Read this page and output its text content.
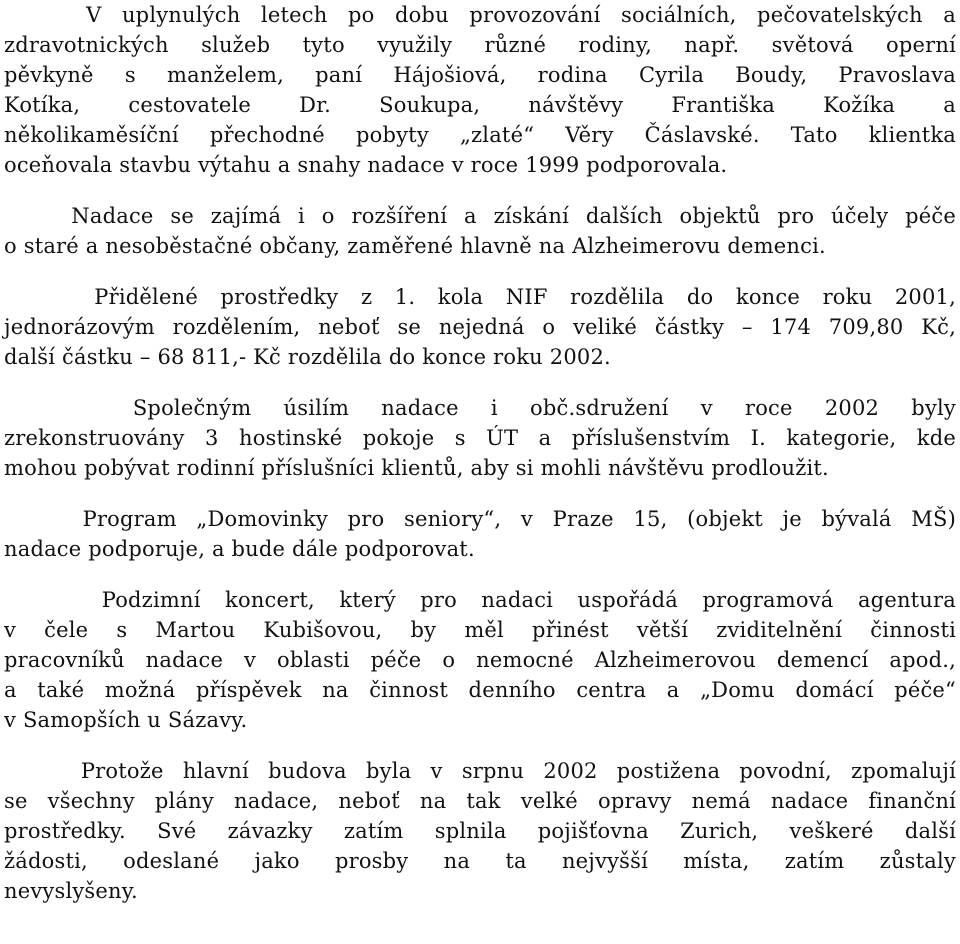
V uplynulých letech po dobu provozování sociálních, pečovatelských a
zdravotnických služeb tyto využily různé rodiny, např. světová operní
pěvkyně s manželem, paní Hájošiová, rodina Cyrila Boudy, Pravoslava
Kotíka, cestovatele Dr. Soukupa, návštěvy Františka Kožíka a
několikaměsíční přechodné pobyty „zlaté“ Věry Čáslavské. Tato klientka
oceňovala stavbu výtahu a snahy nadace v roce 1999 podporovala.
Nadace se zajímá i o rozšíření a získání dalších objektů pro účely péče
o staré a nesoběstačné občany, zaměřené hlavně na Alzheimerovu demenci.
Přidělené prostředky z 1. kola NIF rozdělila do konce roku 2001,
jednorázovým rozdělením, neboť se nejedná o veliké částky – 174 709,80 Kč,
další částku – 68 811,- Kč rozdělila do konce roku 2002.
Společným úsilím nadace i obč.sdružení v roce 2002 byly
zrekonstruovány 3 hostinské pokoje s ÚT a příslušenstvím I. kategorie, kde
mohou pobývat rodinní příslušníci klientů, aby si mohli návštěvu prodloužit.
Program „Domovinky pro seniory“, v Praze 15, (objekt je bývalá MŠ)
nadace podporuje, a bude dále podporovat.
Podzimní koncert, který pro nadaci uspořádá programová agentura
v čele s Martou Kubišovou, by měl přinést větší zviditelnění činnosti
pracovníků nadace v oblasti péče o nemocné Alzheimerovou demencí apod.,
a také možná příspěvek na činnost denního centra a „Domu domácí péče“
v Samopších u Sázavy.
Protože hlavní budova byla v srpnu 2002 postižena povodní, zpomalují
se všechny plány nadace, neboť na tak velké opravy nemá nadace finanční
prostředky. Své závazky zatím splnila pojišťovna Zurich, veškeré další
žádosti, odeslané jako prosby na ta nejvyšší místa, zatím zůstaly
nevyslyšeny.
